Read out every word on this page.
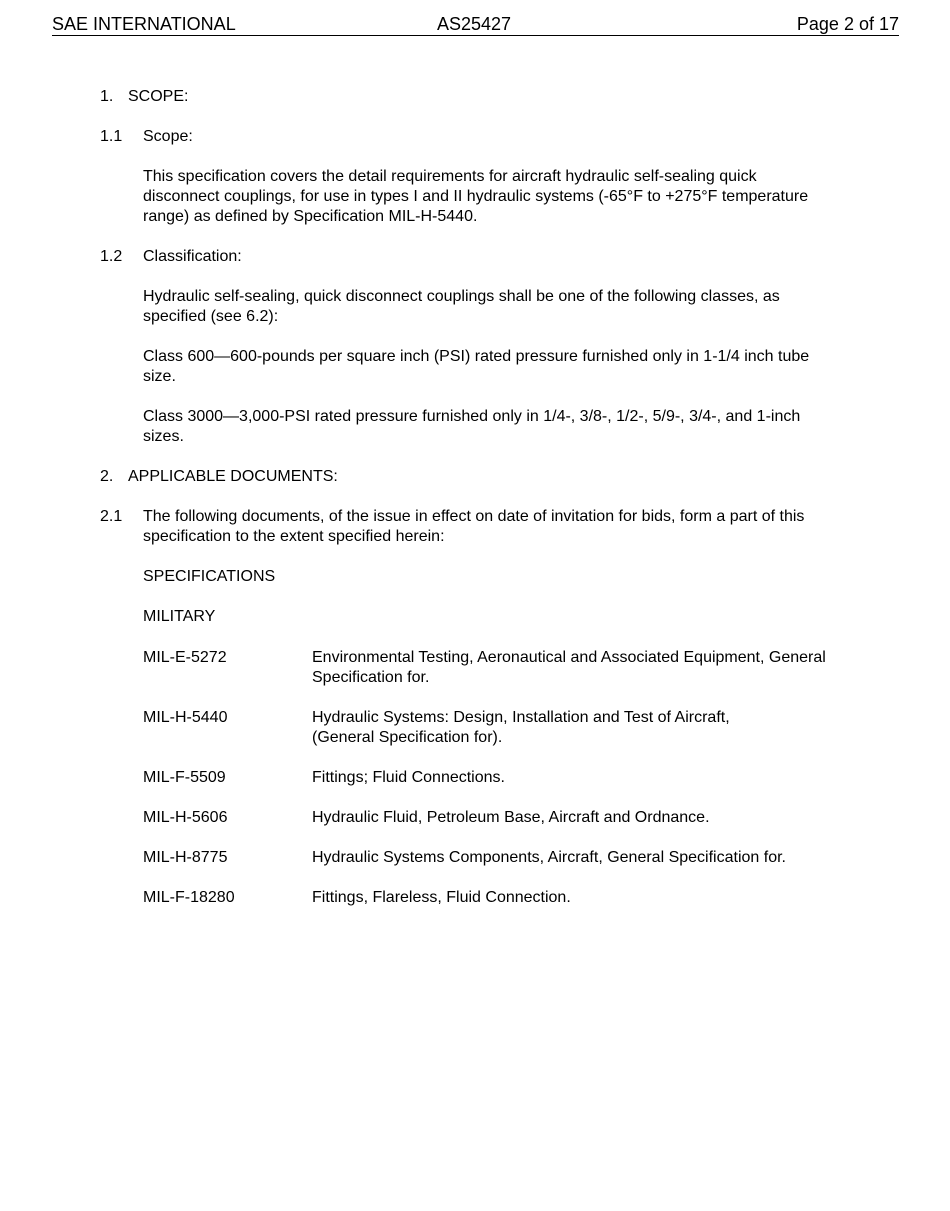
SAE INTERNATIONAL	AS25427	Page 2 of 17
1. SCOPE:
1.1 Scope:
This specification covers the detail requirements for aircraft hydraulic self-sealing quick disconnect couplings, for use in types I and II hydraulic systems (-65°F to +275°F temperature range) as defined by Specification MIL-H-5440.
1.2 Classification:
Hydraulic self-sealing, quick disconnect couplings shall be one of the following classes, as specified (see 6.2):
Class 600—600-pounds per square inch (PSI) rated pressure furnished only in 1-1/4 inch tube size.
Class 3000—3,000-PSI rated pressure furnished only in 1/4-, 3/8-, 1/2-, 5/9-, 3/4-, and 1-inch sizes.
2. APPLICABLE DOCUMENTS:
2.1 The following documents, of the issue in effect on date of invitation for bids, form a part of this specification to the extent specified herein:
SPECIFICATIONS
MILITARY
MIL-E-5272	Environmental Testing, Aeronautical and Associated Equipment, General Specification for.
MIL-H-5440	Hydraulic Systems: Design, Installation and Test of Aircraft, (General Specification for).
MIL-F-5509	Fittings; Fluid Connections.
MIL-H-5606	Hydraulic Fluid, Petroleum Base, Aircraft and Ordnance.
MIL-H-8775	Hydraulic Systems Components, Aircraft, General Specification for.
MIL-F-18280	Fittings, Flareless, Fluid Connection.
